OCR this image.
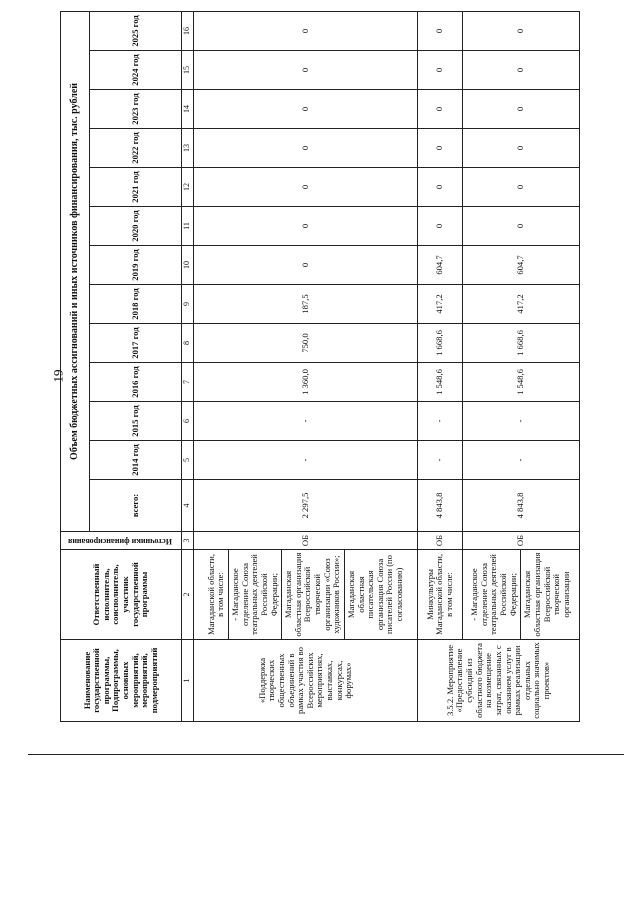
19
Наименование государственной программы, Подпрограммы, основных мероприятий, мероприятий, подмероприятий	Ответственный исполнитель, соисполнитель, участник государственной программы	Источники финансирования	Объем бюджетных ассигнований и иных источников финансирования, тыс. рублей												
			всего:	2014 год	2015 год	2016 год	2017 год	2018 год	2019 год	2020 год	2021 год	2022 год	2023 год	2024 год	2025 год
1	2	3	4	5	6	7	8	9	10	11	12	13	14	15	16
«Поддержка творческих общественных объединений в рамках участия во Всероссийских мероприятиях, выставках, конкурсах, форумах»	Магаданской области, в том числе: - Магаданское отделение Союза театральных деятелей Российской Федерации; Магаданская областная организация Всероссийской творческой организации «Союз художников России»; Магаданская областная писательская организация Союза писателей России (по согласованию)	ОБ	2 297,5	-	-	1 360,0	750,0	187,5	0	0	0	0	0	0	0
3.5.2. Мероприятие «Предоставление субсидий из областного бюджета на возмещение затрат, связанных с оказанием услуг в рамках реализации отдельных социально значимых проектов»	Минкультуры Магаданской области, в том числе:	ОБ	4 843,8	-	-	1 548,6	1 668,6	417,2	604,7	0	0	0	0	0	0

	- Магаданское отделение Союза театральных деятелей Российской Федерации; Магаданская областная организация Всероссийской творческой организации	ОБ	4 843,8	-	-	1 548,6	1 668,6	417,2	604,7	0	0	0	0	0	0
